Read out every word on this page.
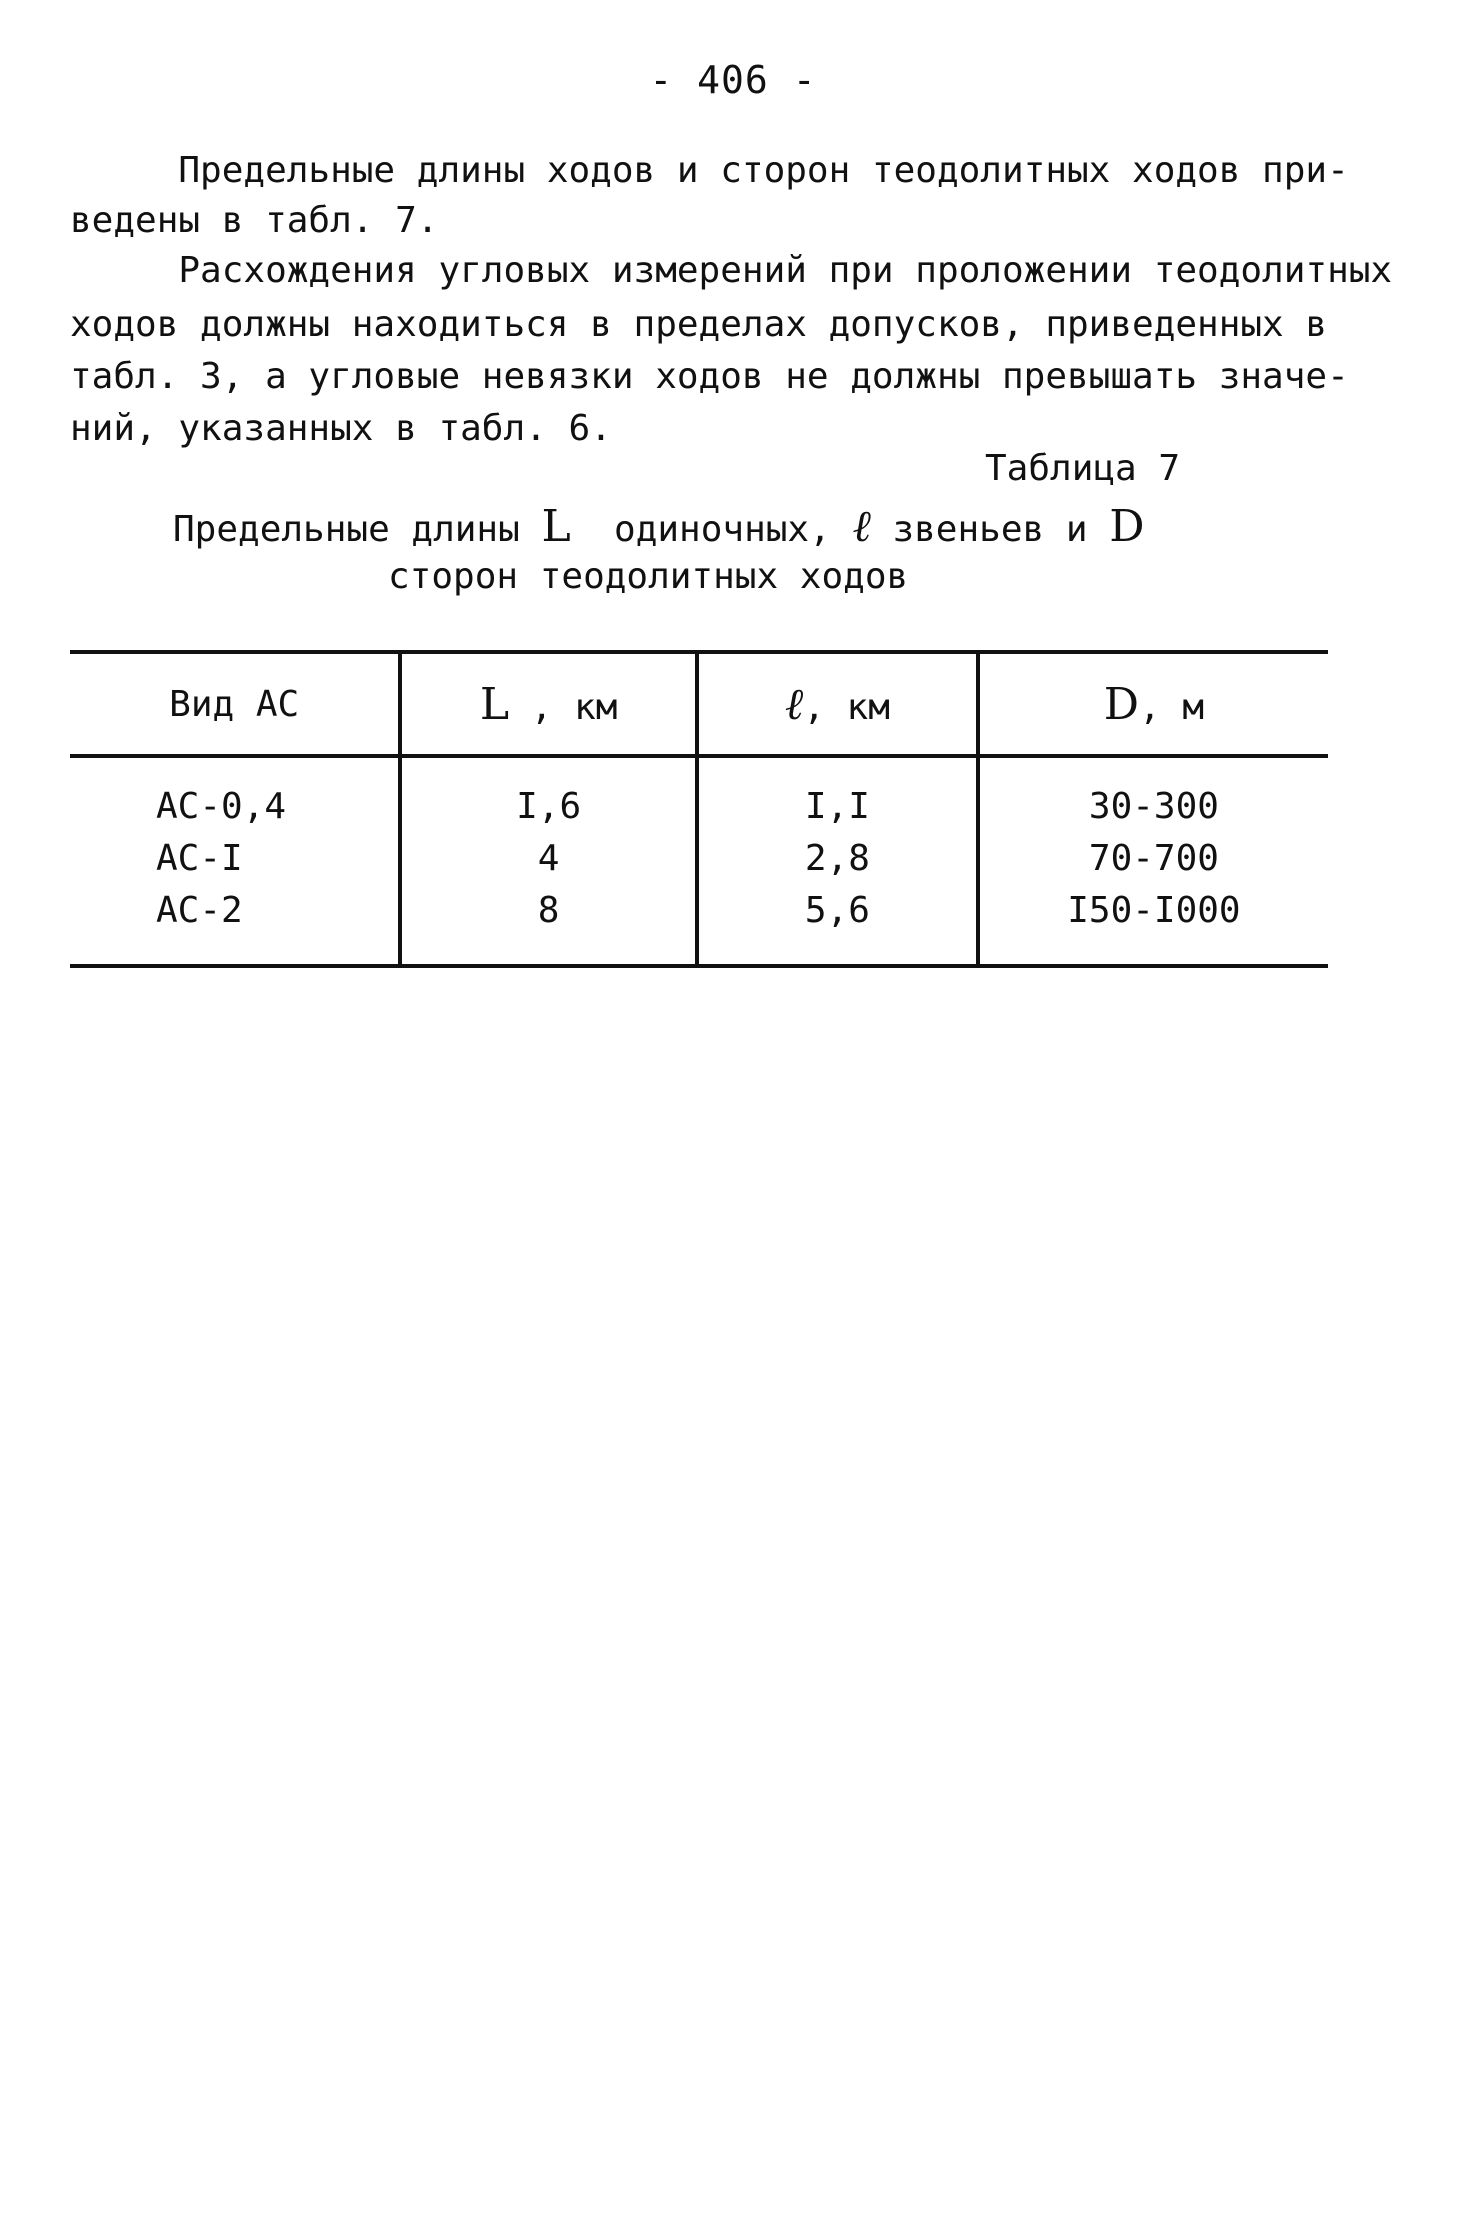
- 406 -
Предельные длины ходов и сторон теодолитных ходов при-
ведены в табл. 7.
Расхождения угловых измерений при проложении теодолитных
ходов должны находиться в пределах допусков, приведенных в
табл. 3, а угловые невязки ходов не должны превышать значе-
ний, указанных в табл. 6.
Таблица 7
Предельные длины L  одиночных, ℓ звеньев и D
сторон теодолитных ходов
Вид АС	L , км	ℓ, км	D, м
АС-0,4	I,6	I,I	30-300
АС-I	4	2,8	70-700
АС-2	8	5,6	I50-I000
